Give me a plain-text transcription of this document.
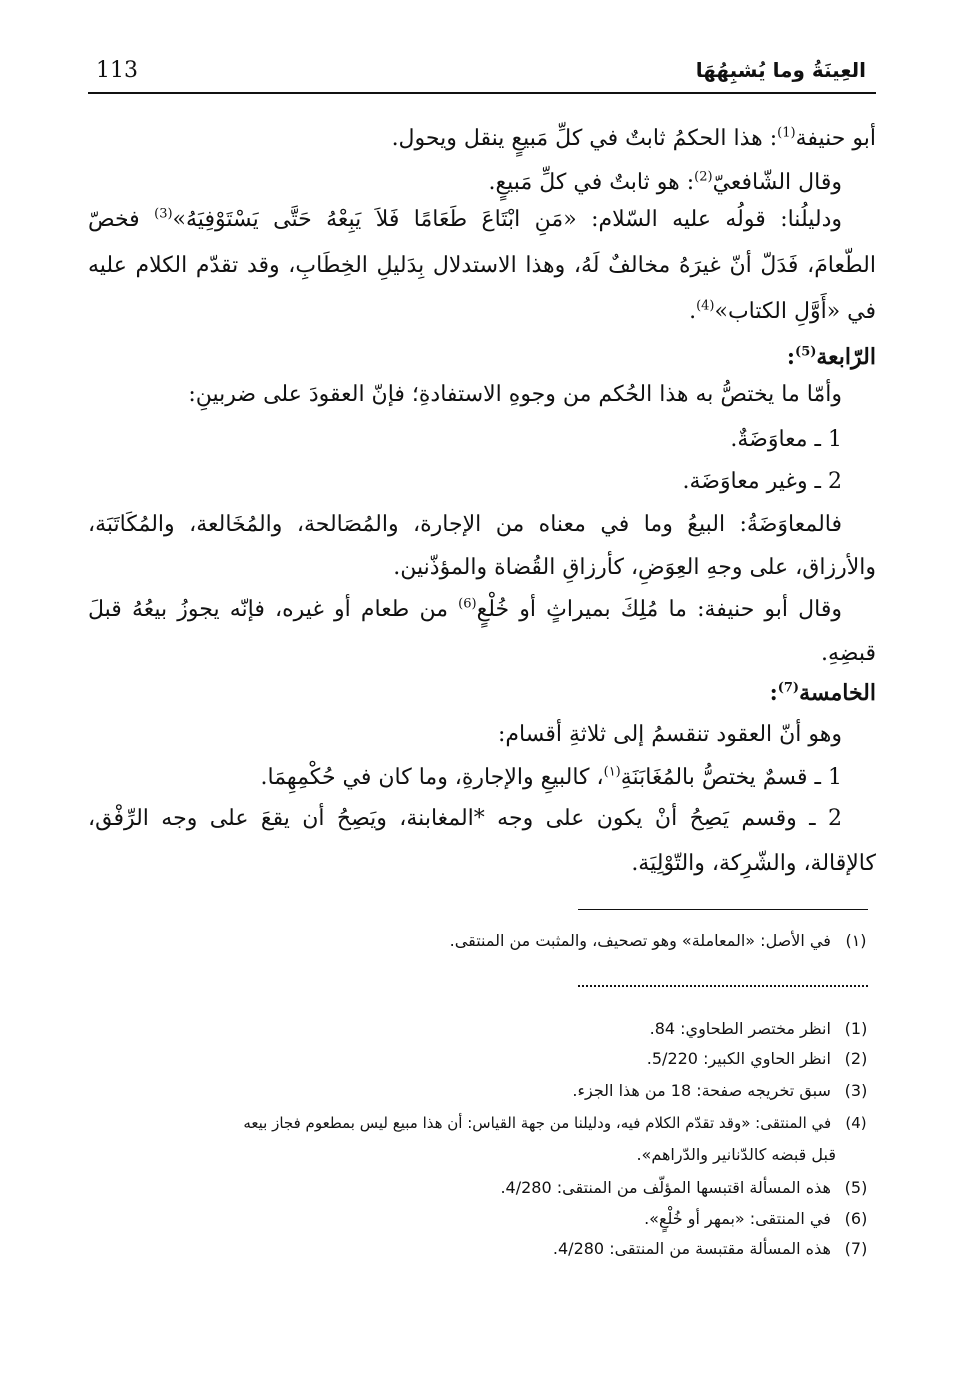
العِينَةُ وما يُشبِهُهَا
113
أبو حنيفة$^{(1)}$: هذا الحكمُ ثابتٌ في كلِّ مَبيعٍ ينقل ويحول.
وقال الشّافعيّ$^{(2)}$: هو ثابتٌ في كلِّ مَبيعٍ.
ودليلُنا: قولُه عليه السّلام: «مَنِ ابْتَاعَ طَعَامًا فَلاَ يَبِعْهُ حَتَّى يَسْتَوْفِيَهُ»$^{(3)}$ فخصّ
الطّعامَ، فَدَلّ أنّ غيرَهُ مخالفٌ لَهُ، وهذا الاستدلال بِدَليلِ الخِطَابِ، وقد تقدّم الكلام عليه
في «أَوَّلِ الكتاب»$^{(4)}$.
الرّابعة$^{(5)}$:
وأمّا ما يختصُّ به هذا الحُكم من وجوهِ الاستفادةِ؛ فإنّ العقودَ على ضربينِ:
1 ـ معاوَضَةٌ.
2 ـ وغير معاوَضَة.
فالمعاوَضَةُ: البيعُ وما في معناه من الإجارة، والمُصَالحة، والمُخَالعة، والمُكَاتَبَة،
والأرزاق، على وجهِ العِوَضِ، كأرزاقِ القُضاة والمؤذّنين.
وقال أبو حنيفة: ما مُلِكَ بميراثٍ أو خُلْعٍ$^{(6)}$ من طعام أو غيره، فإنّه يجوزُ بيعُهُ قبلَ
قبضِهِ.
الخامسة$^{(7)}$:
وهو أنّ العقود تنقسمُ إلى ثلاثةِ أقسام:
1 ـ قسمٌ يختصُّ بالمُغَابَنَةِ$^{(١)}$، كالبيعِ والإجارةِ، وما كان في حُكْمِهِمَا.
2 ـ وقسم يَصِحُ أنْ يكون على وجه *المغابنة، ويَصِحُ أن يقعَ على وجه الرِّفْق،
كالإقالة، والشّرِكة، والتّوْلِيَة.
(١) في الأصل: «المعاملة» وهو تصحيف، والمثبت من المنتقى.
(1) انظر مختصر الطحاوي: 84.
(2) انظر الحاوي الكبير: 5/220.
(3) سبق تخريجه صفحة: 18 من هذا الجزء.
(4) في المنتقى: «وقد تقدّم الكلام فيه، ودليلنا من جهة القياس: أن هذا مبيع ليس بمطعوم فجاز بيعه
قبل قبضه كالدّنانير والدّراهم».
(5) هذه المسألة اقتبسها المؤلّف من المنتقى: 4/280.
(6) في المنتقى: «بمهر أو خُلْعٍ».
(7) هذه المسألة مقتبسة من المنتقى: 4/280.
